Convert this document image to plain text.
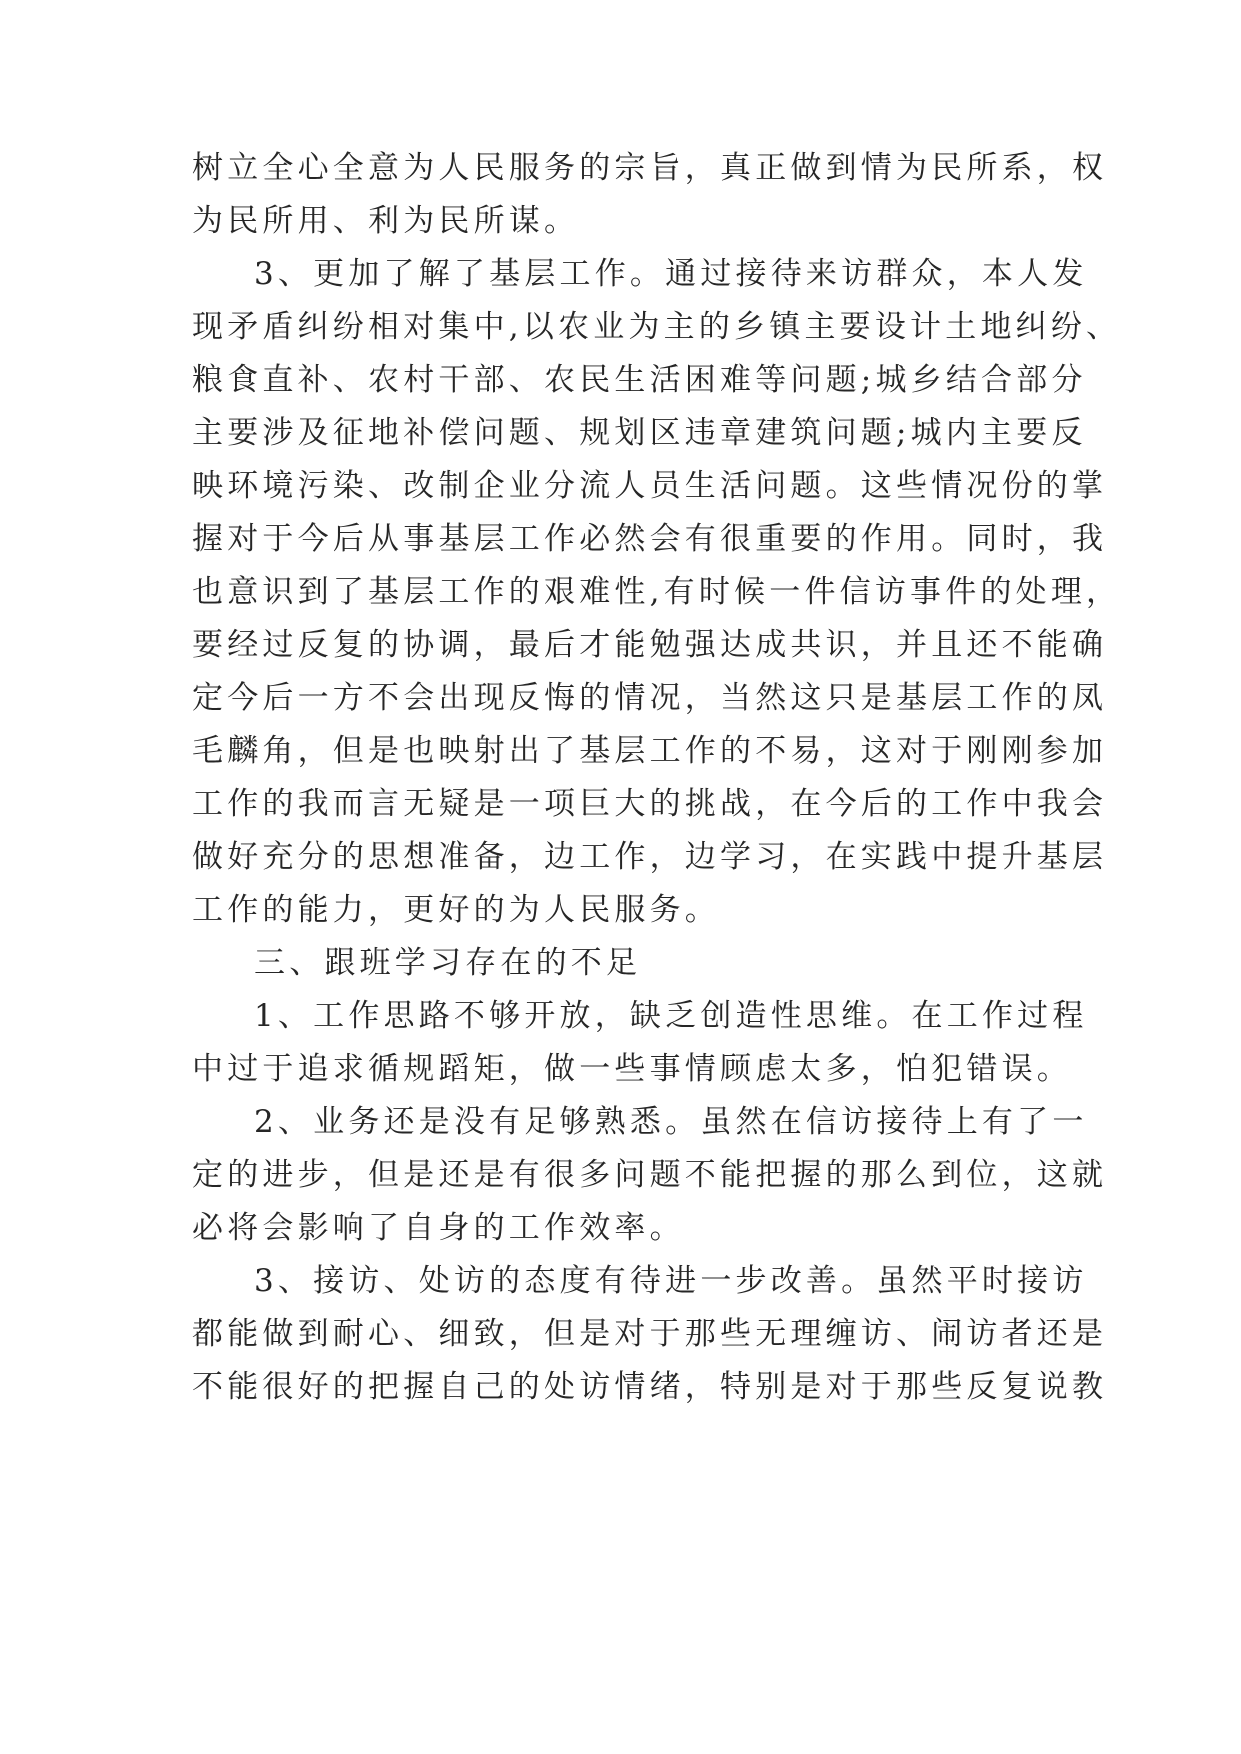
树立全心全意为人民服务的宗旨，真正做到情为民所系，权
为民所用、利为民所谋。
3、更加了解了基层工作。通过接待来访群众，本人发
现矛盾纠纷相对集中,以农业为主的乡镇主要设计土地纠纷、
粮食直补、农村干部、农民生活困难等问题;城乡结合部分
主要涉及征地补偿问题、规划区违章建筑问题;城内主要反
映环境污染、改制企业分流人员生活问题。这些情况份的掌
握对于今后从事基层工作必然会有很重要的作用。同时，我
也意识到了基层工作的艰难性,有时候一件信访事件的处理，
要经过反复的协调，最后才能勉强达成共识，并且还不能确
定今后一方不会出现反悔的情况，当然这只是基层工作的凤
毛麟角，但是也映射出了基层工作的不易，这对于刚刚参加
工作的我而言无疑是一项巨大的挑战，在今后的工作中我会
做好充分的思想准备，边工作，边学习，在实践中提升基层
工作的能力，更好的为人民服务。
三、跟班学习存在的不足
1、工作思路不够开放，缺乏创造性思维。在工作过程
中过于追求循规蹈矩，做一些事情顾虑太多，怕犯错误。
2、业务还是没有足够熟悉。虽然在信访接待上有了一
定的进步，但是还是有很多问题不能把握的那么到位，这就
必将会影响了自身的工作效率。
3、接访、处访的态度有待进一步改善。虽然平时接访
都能做到耐心、细致，但是对于那些无理缠访、闹访者还是
不能很好的把握自己的处访情绪，特别是对于那些反复说教
